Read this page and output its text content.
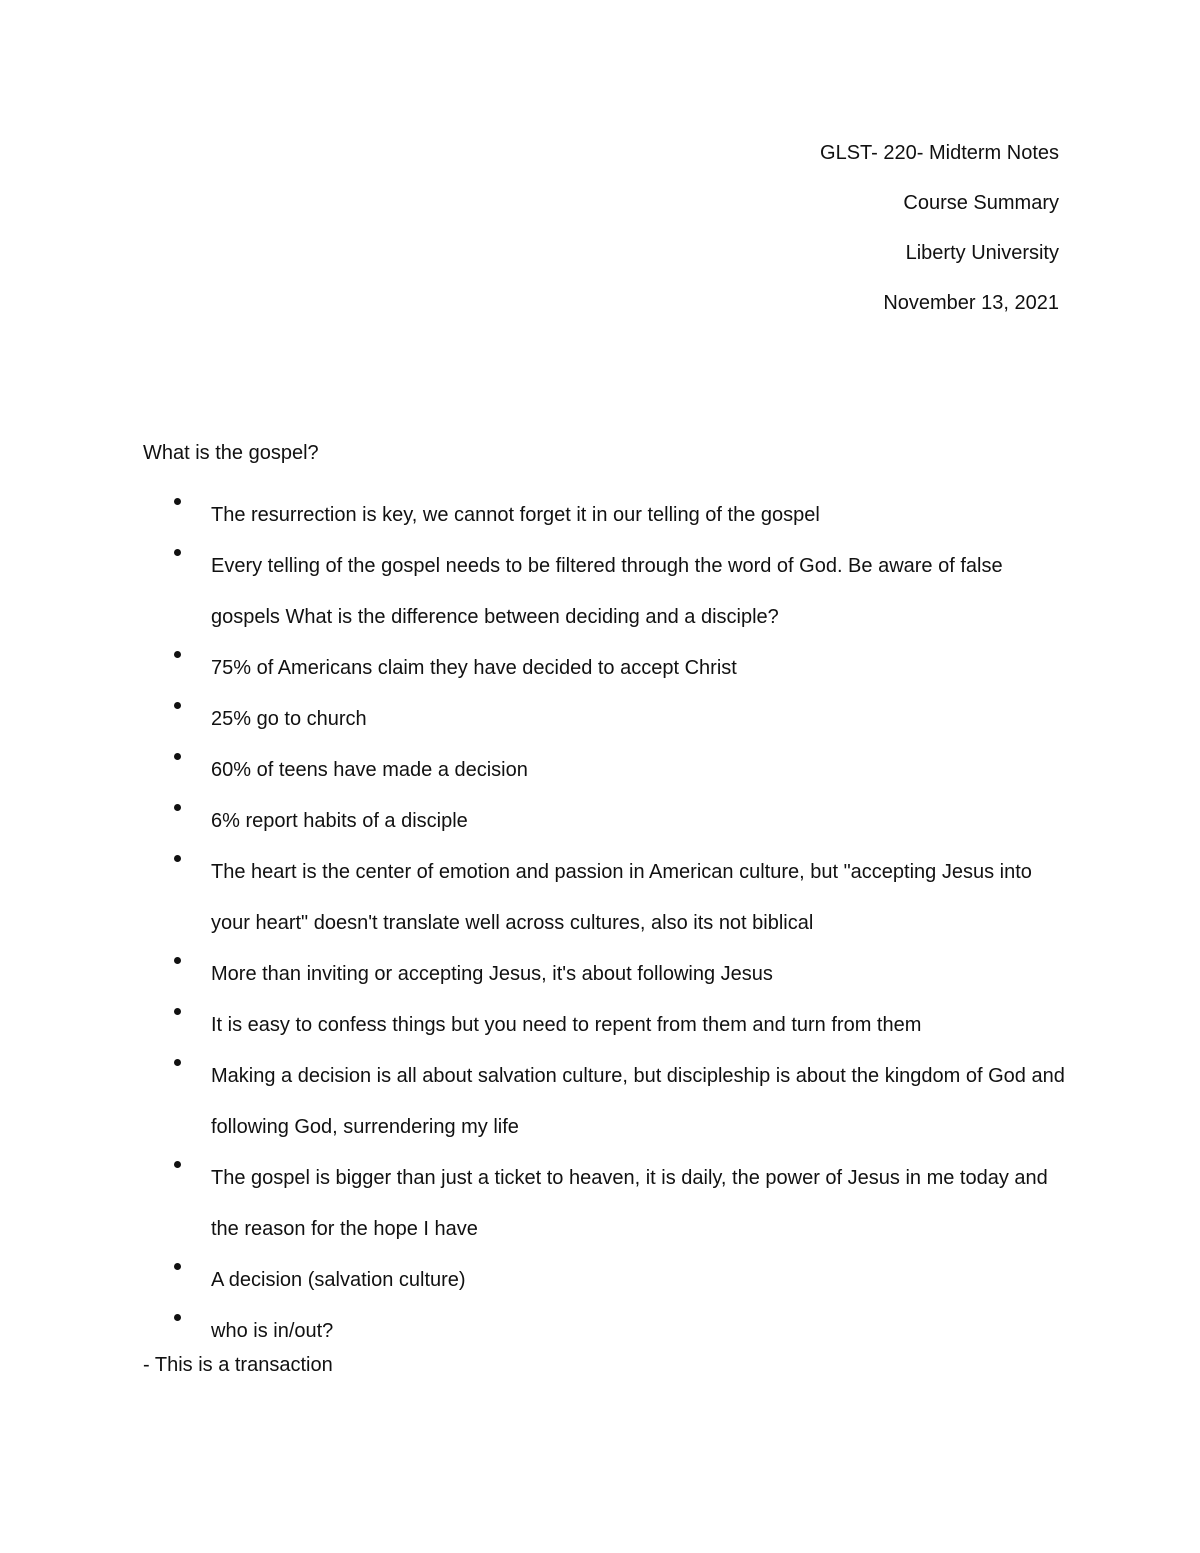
GLST- 220- Midterm Notes
Course Summary
Liberty University
November 13, 2021
What is the gospel?
The resurrection is key, we cannot forget it in our telling of the gospel
Every telling of the gospel needs to be filtered through the word of God. Be aware of false gospels What is the difference between deciding and a disciple?
75% of Americans claim they have decided to accept Christ
25% go to church
60% of teens have made a decision
6% report habits of a disciple
The heart is the center of emotion and passion in American culture, but "accepting Jesus into your heart" doesn't translate well across cultures, also its not biblical
More than inviting or accepting Jesus, it's about following Jesus
It is easy to confess things but you need to repent from them and turn from them
Making a decision is all about salvation culture, but discipleship is about the kingdom of God and following God, surrendering my life
The gospel is bigger than just a ticket to heaven, it is daily, the power of Jesus in me today and the reason for the hope I have
A decision (salvation culture)
who is in/out?
- This is a transaction
